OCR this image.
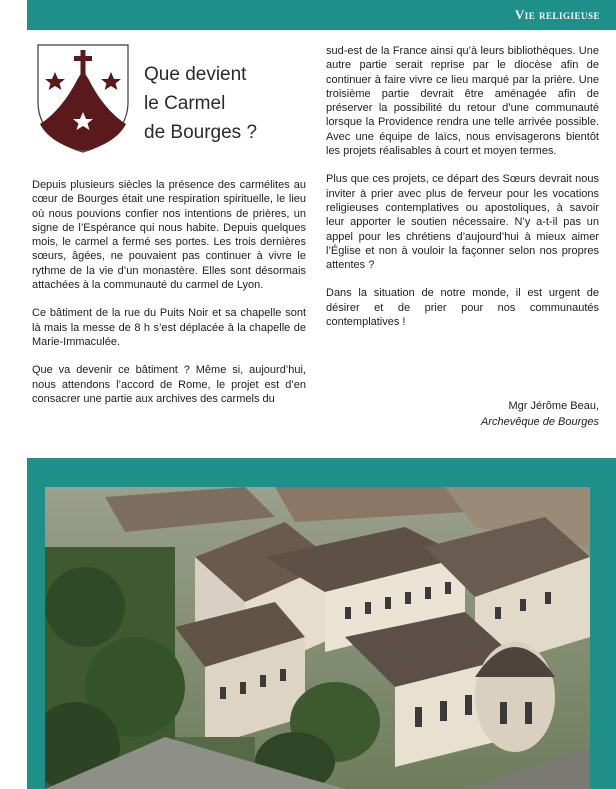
Vie religieuse
Que devient
le Carmel
de Bourges ?

Depuis plusieurs siècles la présence des carmélites au cœur de Bourges était une respiration spirituelle, le lieu où nous pouvions confier nos intentions de prières, un signe de l’Espérance qui nous habite. Depuis quelques mois, le carmel a fermé ses portes. Les trois dernières sœurs, âgées, ne pouvaient pas continuer à vivre le rythme de la vie d’un monastère. Elles sont désormais attachées à la communauté du carmel de Lyon.

Ce bâtiment de la rue du Puits Noir et sa chapelle sont là mais la messe de 8 h s’est déplacée à la chapelle de Marie-Immaculée.

Que va devenir ce bâtiment ? Même si, aujourd’hui, nous attendons l’accord de Rome, le projet est d’en consacrer une partie aux archives des carmels du

sud-est de la France ainsi qu’à leurs bibliothèques. Une autre partie serait reprise par le diocèse afin de continuer à faire vivre ce lieu marqué par la prière. Une troisième partie devrait être aménagée afin de préserver la possibilité du retour d’une communauté lorsque la Providence rendra une telle arrivée possible. Avec une équipe de laïcs, nous envisagerons bientôt les projets réalisables à court et moyen termes.

Plus que ces projets, ce départ des Sœurs devrait nous inviter à prier avec plus de ferveur pour les vocations religieuses contemplatives ou apostoliques, à savoir leur apporter le soutien nécessaire. N’y a-t-il pas un appel pour les chrétiens d’aujourd’hui à mieux aimer l’Église et non à vouloir la façonner selon nos propres attentes ?

Dans la situation de notre monde, il est urgent de désirer et de prier pour nos communautés contemplatives !

Mgr Jérôme Beau,
Archevêque de Bourges
